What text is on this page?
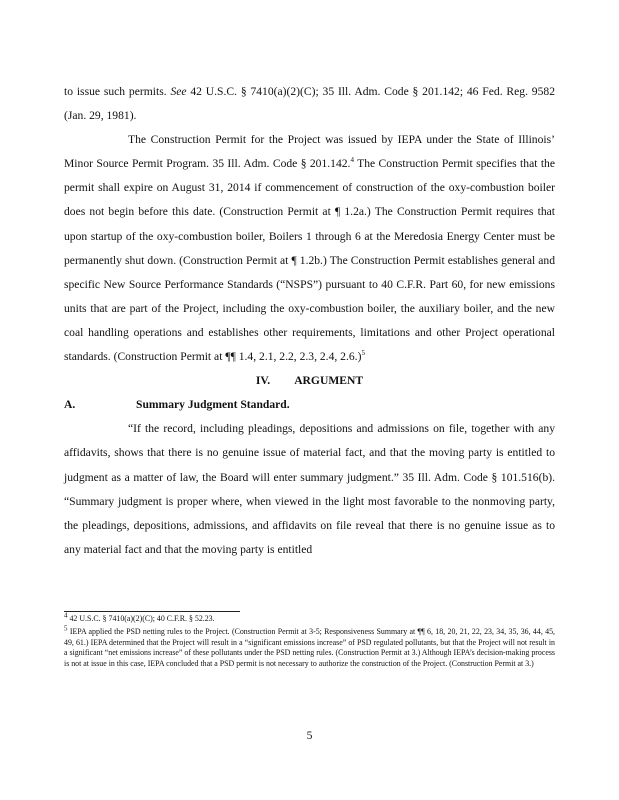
to issue such permits. See 42 U.S.C. § 7410(a)(2)(C); 35 Ill. Adm. Code § 201.142; 46 Fed. Reg. 9582 (Jan. 29, 1981).

The Construction Permit for the Project was issued by IEPA under the State of Illinois’ Minor Source Permit Program. 35 Ill. Adm. Code § 201.142.$^4$ The Construction Permit specifies that the permit shall expire on August 31, 2014 if commencement of construction of the oxy-combustion boiler does not begin before this date. (Construction Permit at ¶ 1.2a.) The Construction Permit requires that upon startup of the oxy-combustion boiler, Boilers 1 through 6 at the Meredosia Energy Center must be permanently shut down. (Construction Permit at ¶ 1.2b.) The Construction Permit establishes general and specific New Source Performance Standards (“NSPS”) pursuant to 40 C.F.R. Part 60, for new emissions units that are part of the Project, including the oxy-combustion boiler, the auxiliary boiler, and the new coal handling operations and establishes other requirements, limitations and other Project operational standards. (Construction Permit at ¶¶ 1.4, 2.1, 2.2, 2.3, 2.4, 2.6.)$^5$

IV. ARGUMENT

A.	Summary Judgment Standard.

“If the record, including pleadings, depositions and admissions on file, together with any affidavits, shows that there is no genuine issue of material fact, and that the moving party is entitled to judgment as a matter of law, the Board will enter summary judgment.” 35 Ill. Adm. Code § 101.516(b). “Summary judgment is proper where, when viewed in the light most favorable to the nonmoving party, the pleadings, depositions, admissions, and affidavits on file reveal that there is no genuine issue as to any material fact and that the moving party is entitled

$^4$ 42 U.S.C. § 7410(a)(2)(C); 40 C.F.R. § 52.23.

$^5$ IEPA applied the PSD netting rules to the Project. (Construction Permit at 3-5; Responsiveness Summary at ¶¶ 6, 18, 20, 21, 22, 23, 34, 35, 36, 44, 45, 49, 61.) IEPA determined that the Project will result in a “significant emissions increase” of PSD regulated pollutants, but that the Project will not result in a significant “net emissions increase” of these pollutants under the PSD netting rules. (Construction Permit at 3.) Although IEPA’s decision-making process is not at issue in this case, IEPA concluded that a PSD permit is not necessary to authorize the construction of the Project. (Construction Permit at 3.)

5
